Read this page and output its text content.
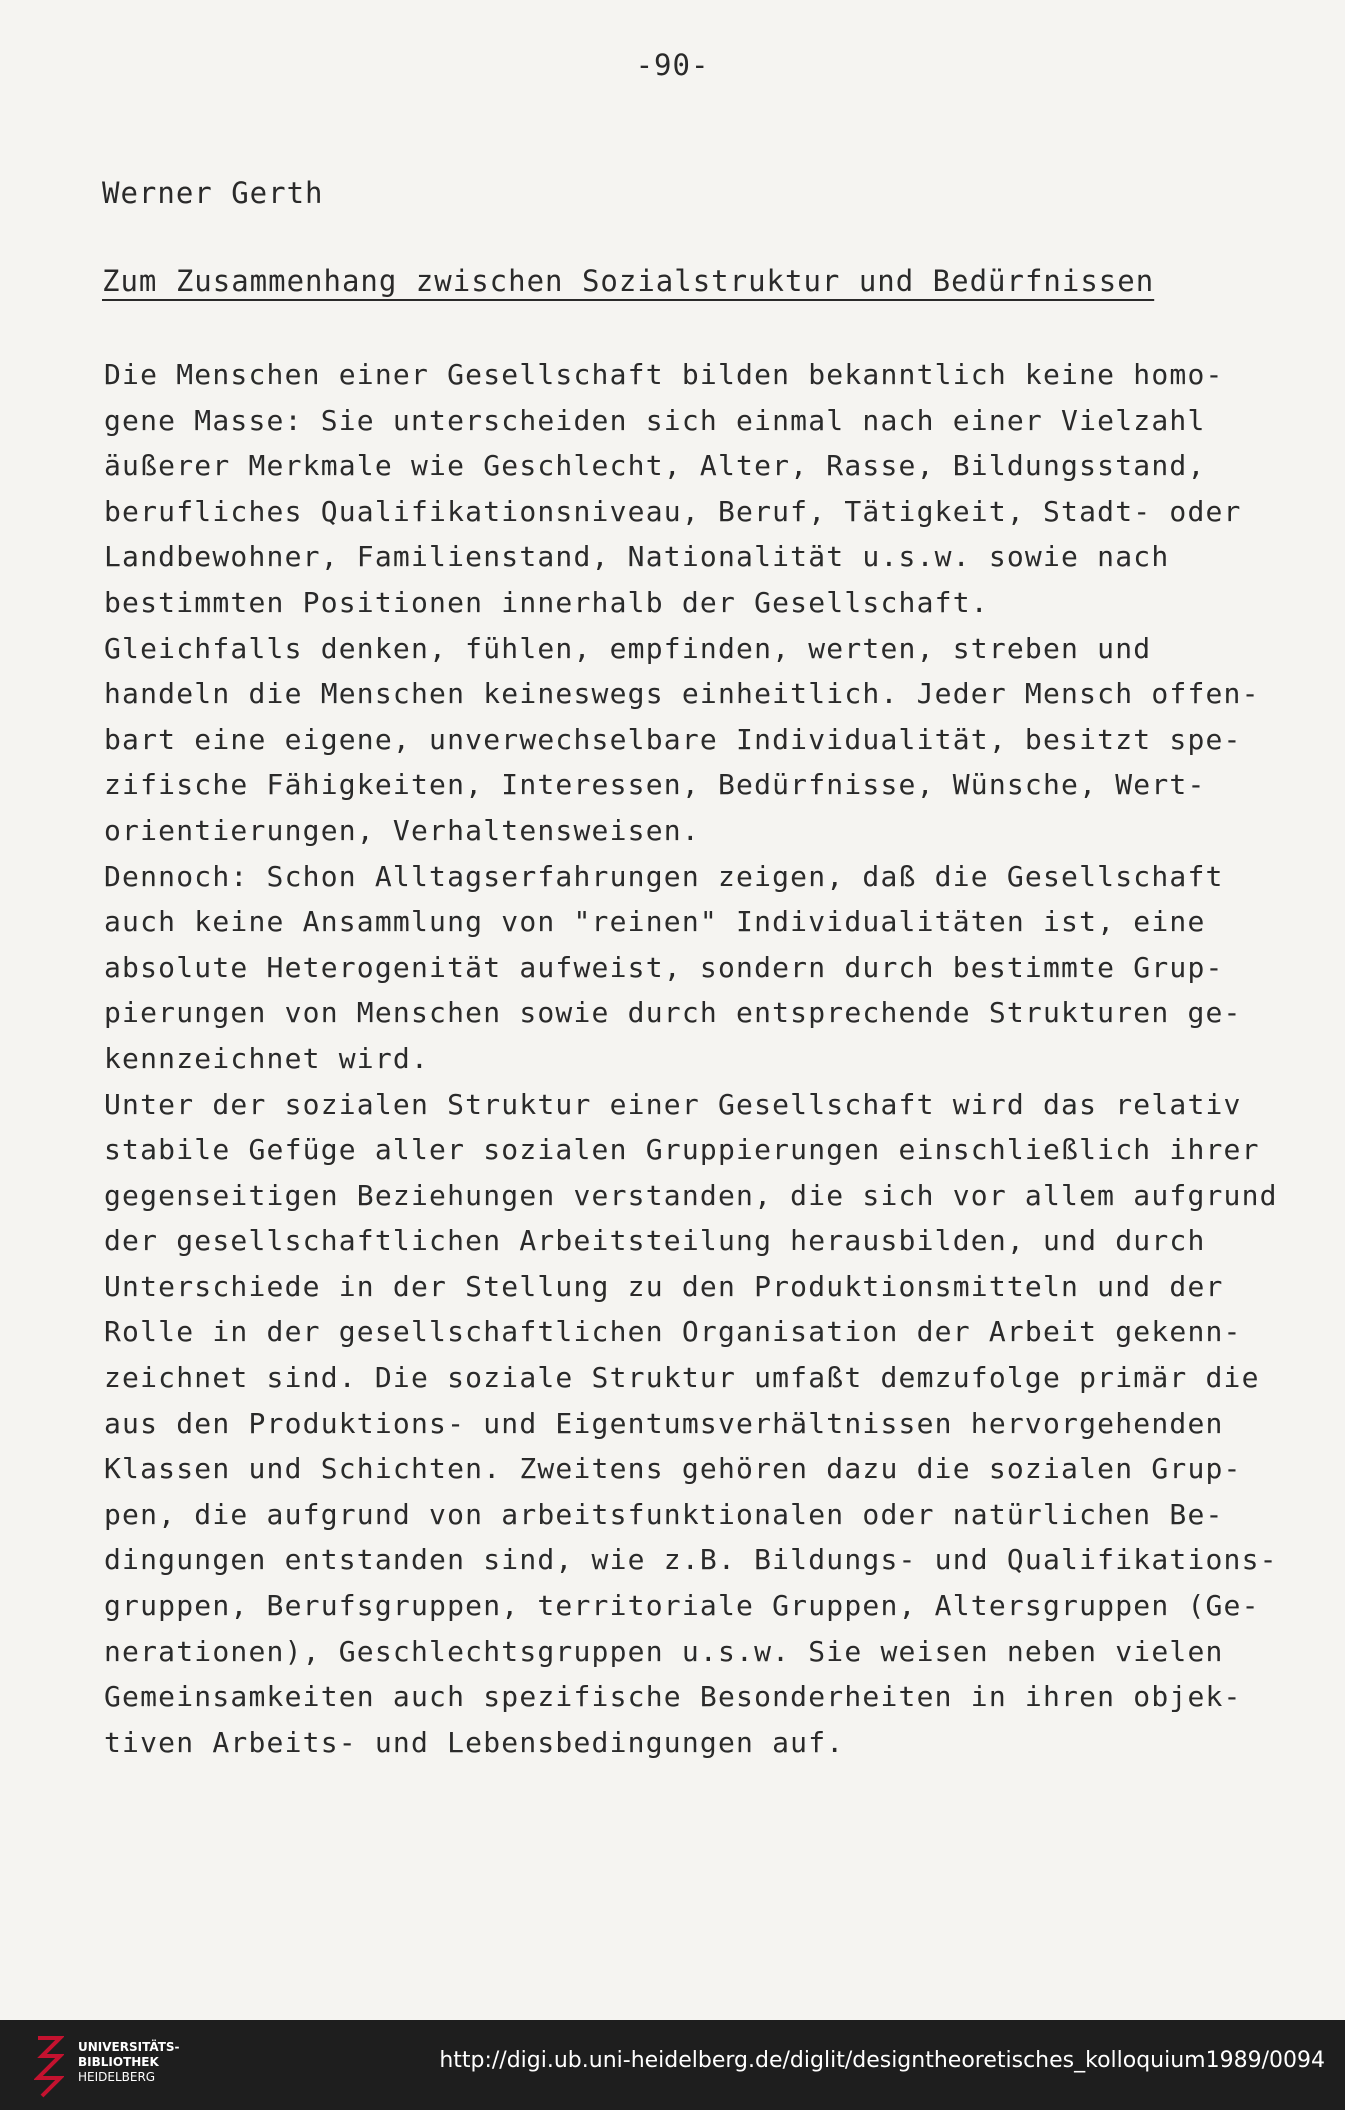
-90-
Werner Gerth
Zum Zusammenhang zwischen Sozialstruktur und Bedürfnissen
Die Menschen einer Gesellschaft bilden bekanntlich keine homo-
gene Masse: Sie unterscheiden sich einmal nach einer Vielzahl
äußerer Merkmale wie Geschlecht, Alter, Rasse, Bildungsstand,
berufliches Qualifikationsniveau, Beruf, Tätigkeit, Stadt- oder
Landbewohner, Familienstand, Nationalität u.s.w. sowie nach
bestimmten Positionen innerhalb der Gesellschaft.
Gleichfalls denken, fühlen, empfinden, werten, streben und
handeln die Menschen keineswegs einheitlich. Jeder Mensch offen-
bart eine eigene, unverwechselbare Individualität, besitzt spe-
zifische Fähigkeiten, Interessen, Bedürfnisse, Wünsche, Wert-
orientierungen, Verhaltensweisen.
Dennoch: Schon Alltagserfahrungen zeigen, daß die Gesellschaft
auch keine Ansammlung von "reinen" Individualitäten ist, eine
absolute Heterogenität aufweist, sondern durch bestimmte Grup-
pierungen von Menschen sowie durch entsprechende Strukturen ge-
kennzeichnet wird.
Unter der sozialen Struktur einer Gesellschaft wird das relativ
stabile Gefüge aller sozialen Gruppierungen einschließlich ihrer
gegenseitigen Beziehungen verstanden, die sich vor allem aufgrund
der gesellschaftlichen Arbeitsteilung herausbilden, und durch
Unterschiede in der Stellung zu den Produktionsmitteln und der
Rolle in der gesellschaftlichen Organisation der Arbeit gekenn-
zeichnet sind. Die soziale Struktur umfaßt demzufolge primär die
aus den Produktions- und Eigentumsverhältnissen hervorgehenden
Klassen und Schichten. Zweitens gehören dazu die sozialen Grup-
pen, die aufgrund von arbeitsfunktionalen oder natürlichen Be-
dingungen entstanden sind, wie z.B. Bildungs- und Qualifikations-
gruppen, Berufsgruppen, territoriale Gruppen, Altersgruppen (Ge-
nerationen), Geschlechtsgruppen u.s.w. Sie weisen neben vielen
Gemeinsamkeiten auch spezifische Besonderheiten in ihren objek-
tiven Arbeits- und Lebensbedingungen auf.
UNIVERSITÄTS-
BIBLIOTHEK
HEIDELBERG
http://digi.ub.uni-heidelberg.de/diglit/designtheoretisches_kolloquium1989/0094
